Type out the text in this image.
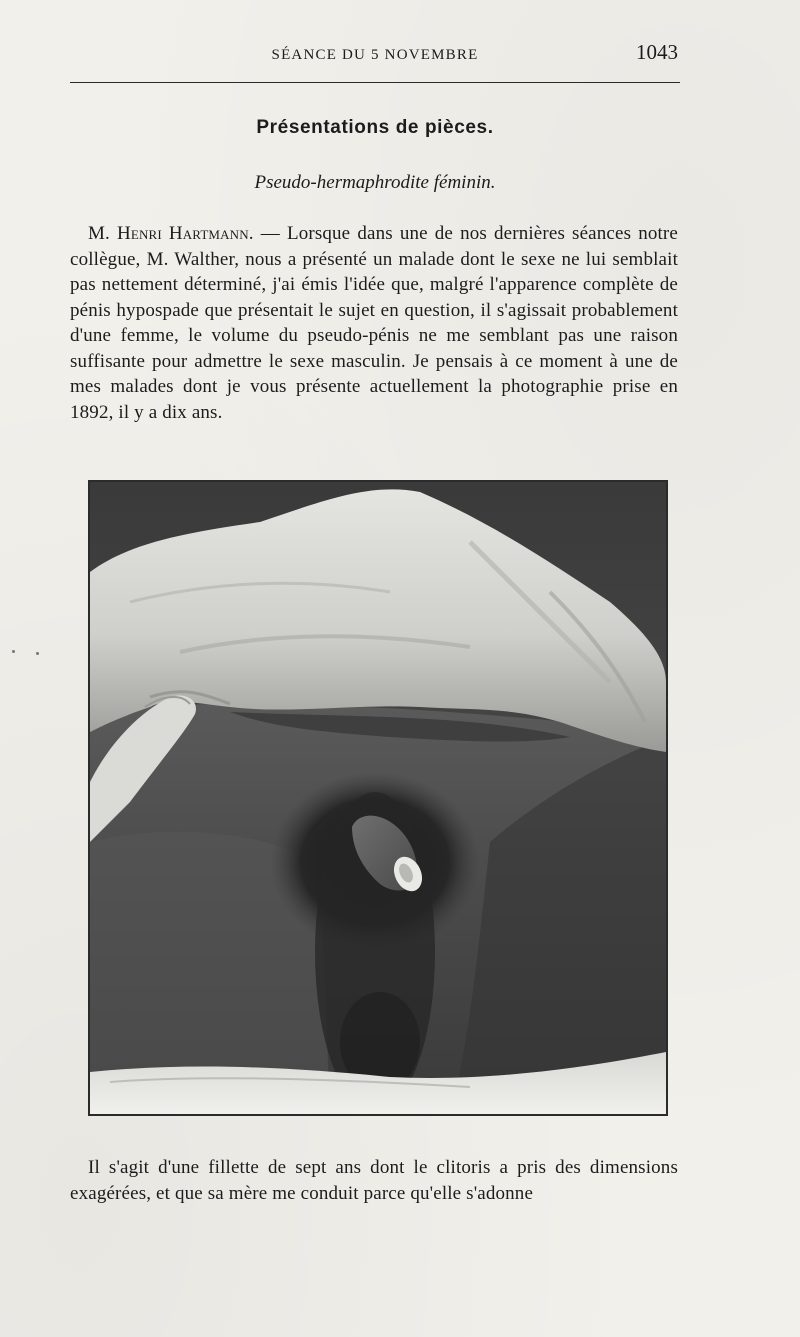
SÉANCE DU 5 NOVEMBRE	1043
Présentations de pièces.
Pseudo-hermaphrodite féminin.
M. Henri Hartmann. — Lorsque dans une de nos dernières séances notre collègue, M. Walther, nous a présenté un malade dont le sexe ne lui semblait pas nettement déterminé, j'ai émis l'idée que, malgré l'apparence complète de pénis hypospade que présentait le sujet en question, il s'agissait probablement d'une femme, le volume du pseudo-pénis ne me semblant pas une raison suffisante pour admettre le sexe masculin. Je pensais à ce moment à une de mes malades dont je vous présente actuellement la photographie prise en 1892, il y a dix ans.
Il s'agit d'une fillette de sept ans dont le clitoris a pris des dimensions exagérées, et que sa mère me conduit parce qu'elle s'adonne
